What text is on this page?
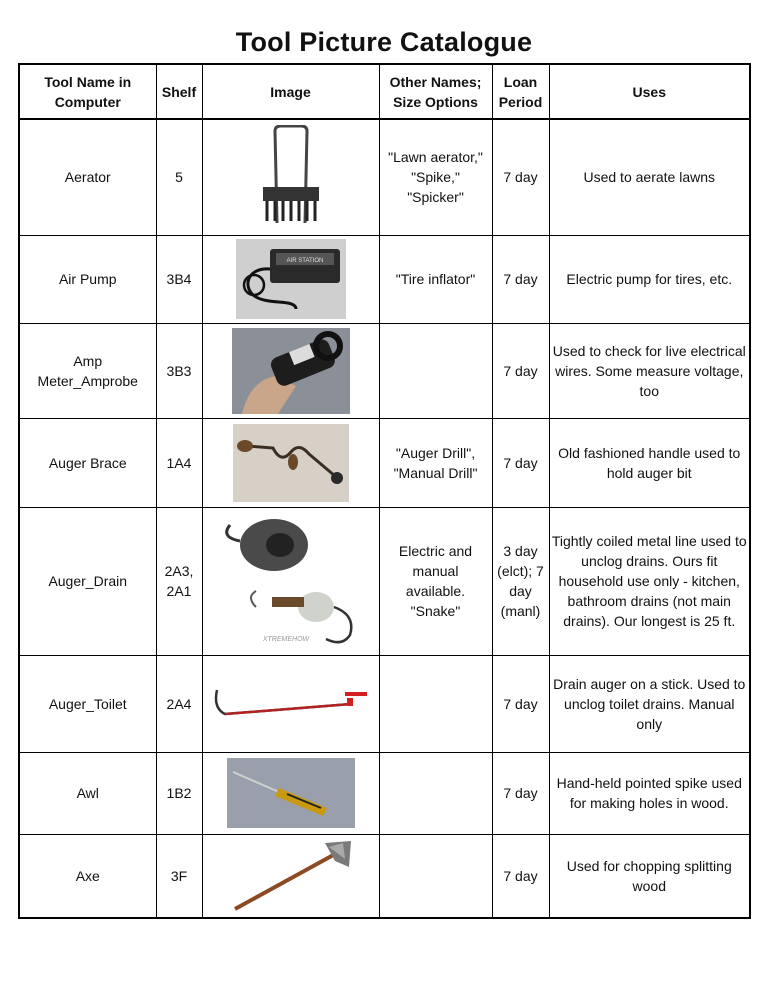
Tool Picture Catalogue
Tool Name in Computer	Shelf	Image	Other Names; Size Options	Loan Period	Uses
Aerator	5		"Lawn aerator," "Spike," "Spicker"	7 day	Used to aerate lawns
Air Pump	3B4	AIR STATION	"Tire inflator"	7 day	Electric pump for tires, etc.
Amp Meter_Amprobe	3B3			7 day	Used to check for live electrical wires. Some measure voltage, too
Auger Brace	1A4		"Auger Drill", "Manual Drill"	7 day	Old fashioned handle used to hold auger bit
Auger_Drain	2A3, 2A1	XTREMEHOW	Electric and manual available. "Snake"	3 day (elct); 7 day (manl)	Tightly coiled metal line used to unclog drains. Ours fit household use only - kitchen, bathroom drains (not main drains). Our longest is 25 ft.
Auger_Toilet	2A4			7 day	Drain auger on a stick. Used to unclog toilet drains. Manual only
Awl	1B2			7 day	Hand-held pointed spike used for making holes in wood.
Axe	3F			7 day	Used for chopping splitting wood
